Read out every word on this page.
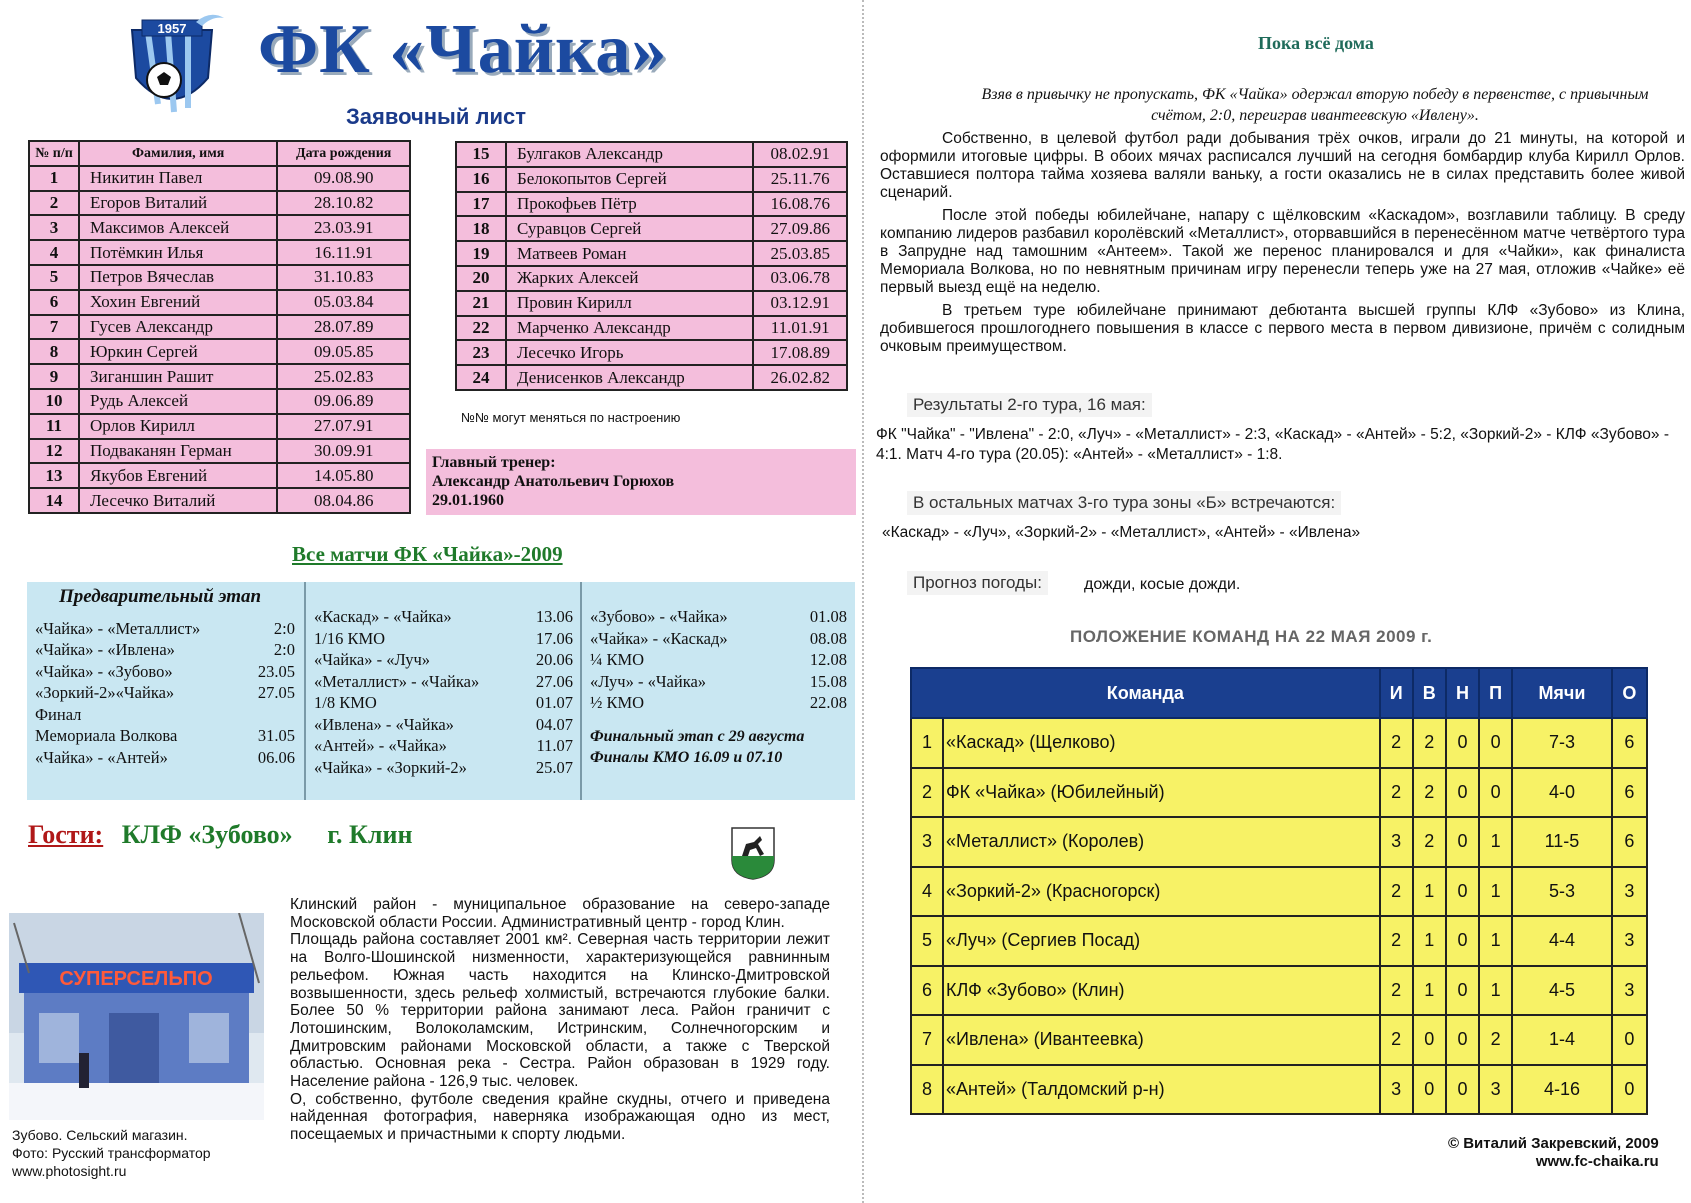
1957 ФК «Чайка»
Заявочный лист
№ п/п	Фамилия, имя	Дата рождения
1	Никитин Павел	09.08.90
2	Егоров Виталий	28.10.82
3	Максимов Алексей	23.03.91
4	Потёмкин Илья	16.11.91
5	Петров Вячеслав	31.10.83
6	Хохин Евгений	05.03.84
7	Гусев Александр	28.07.89
8	Юркин Сергей	09.05.85
9	Зиганшин Рашит	25.02.83
10	Рудь Алексей	09.06.89
11	Орлов Кирилл	27.07.91
12	Подваканян Герман	30.09.91
13	Якубов Евгений	14.05.80
14	Лесечко Виталий	08.04.86
15	Булгаков Александр	08.02.91
16	Белокопытов Сергей	25.11.76
17	Прокофьев Пётр	16.08.76
18	Суравцов Сергей	27.09.86
19	Матвеев Роман	25.03.85
20	Жарких Алексей	03.06.78
21	Провин Кирилл	03.12.91
22	Марченко Александр	11.01.91
23	Лесечко Игорь	17.08.89
24	Денисенков Александр	26.02.82
№№ могут меняться по настроению
Главный тренер:
Александр Анатольевич Горюхов
29.01.1960
Все матчи ФК «Чайка»-2009
Предварительный этап
«Чайка» - «Металлист»	2:0
«Чайка» - «Ивлена»	2:0
«Чайка» - «Зубово»	23.05
«Зоркий-2»«Чайка»	27.05
Финал
Мемориала Волкова	31.05
«Чайка» - «Антей»	06.06
«Каскад» - «Чайка»	13.06
1/16 КМО	17.06
«Чайка» - «Луч»	20.06
«Металлист» - «Чайка»	27.06
1/8 КМО	01.07
«Ивлена» - «Чайка»	04.07
«Антей» - «Чайка»	11.07
«Чайка» - «Зоркий-2»	25.07
«Зубово» - «Чайка»	01.08
«Чайка» - «Каскад»	08.08
¼ КМО	12.08
«Луч» - «Чайка»	15.08
½ КМО	22.08
Финальный этап с 29 августа
Финалы КМО 16.09 и 07.10
Гости: КЛФ «Зубово» г. Клин
СУПЕРСЕЛЬПО
Зубово. Сельский магазин.
Фото: Русский трансформатор
www.photosight.ru

Клинский район - муниципальное образование на северо-западе Московской области России. Административный центр - город Клин.

Площадь района составляет 2001 км². Северная часть территории лежит на Волго-Шошинской низменности, характеризующейся равнинным рельефом. Южная часть находится на Клинско-Дмитровской возвышенности, здесь рельеф холмистый, встречаются глубокие балки. Более 50 % территории района занимают леса. Район граничит с Лотошинским, Волоколамским, Истринским, Солнечногорским и Дмитровским районами Московской области, а также с Тверской областью. Основная река - Сестра. Район образован в 1929 году. Население района - 126,9 тыс. человек.

О, собственно, футболе сведения крайне скудны, отчего и приведена найденная фотография, наверняка изображающая одно из мест, посещаемых и причастными к спорту людьми.

Пока всё дома
Взяв в привычку не пропускать, ФК «Чайка» одержал вторую победу в первенстве, с привычным счётом, 2:0, переиграв ивантеевскую «Ивлену».

Собственно, в целевой футбол ради добывания трёх очков, играли до 21 минуты, на которой и оформили итоговые цифры. В обоих мячах расписался лучший на сегодня бомбардир клуба Кирилл Орлов. Оставшиеся полтора тайма хозяева валяли ваньку, а гости оказались не в силах представить более живой сценарий.

После этой победы юбилейчане, напару с щёлковским «Каскадом», возглавили таблицу. В среду компанию лидеров разбавил королёвский «Металлист», оторвавшийся в перенесённом матче четвёртого тура в Запрудне над тамошним «Антеем». Такой же перенос планировался и для «Чайки», как финалиста Мемориала Волкова, но по невнятным причинам игру перенесли теперь уже на 27 мая, отложив «Чайке» её первый выезд ещё на неделю.

В третьем туре юбилейчане принимают дебютанта высшей группы КЛФ «Зубово» из Клина, добившегося прошлогоднего повышения в классе с первого места в первом дивизионе, причём с солидным очковым преимуществом.

Результаты 2-го тура, 16 мая:
ФК "Чайка" - "Ивлена" - 2:0, «Луч» - «Металлист» - 2:3, «Каскад» - «Антей» - 5:2, «Зоркий-2» - КЛФ «Зубово» - 4:1. Матч 4-го тура (20.05): «Антей» - «Металлист» - 1:8.
В остальных матчах 3-го тура зоны «Б» встречаются:
«Каскад» - «Луч», «Зоркий-2» - «Металлист», «Антей» - «Ивлена»
Прогноз погоды:	дожди, косые дожди.
ПОЛОЖЕНИЕ КОМАНД НА 22 МАЯ 2009 г.
Команда		И	В	Н	П	Мячи	О
1	«Каскад» (Щелково)	2	2	0	0	7-3	6
2	ФК «Чайка» (Юбилейный)	2	2	0	0	4-0	6
3	«Металлист» (Королев)	3	2	0	1	11-5	6
4	«Зоркий-2» (Красногорск)	2	1	0	1	5-3	3
5	«Луч» (Сергиев Посад)	2	1	0	1	4-4	3
6	КЛФ «Зубово» (Клин)	2	1	0	1	4-5	3
7	«Ивлена» (Ивантеевка)	2	0	0	2	1-4	0
8	«Антей» (Талдомский р-н)	3	0	0	3	4-16	0
© Виталий Закревский, 2009
www.fc-chaika.ru
